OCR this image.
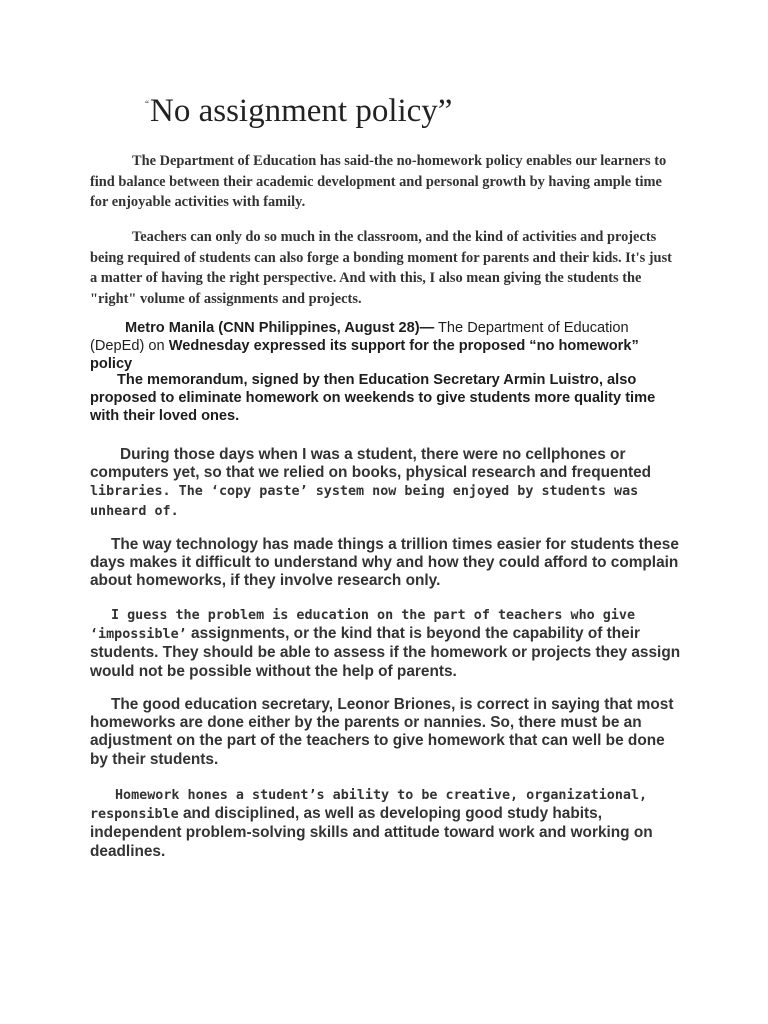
“No assignment policy”

The Department of Education has said-the no-homework policy enables our learners to find balance between their academic development and personal growth by having ample time for enjoyable activities with family.

Teachers can only do so much in the classroom, and the kind of activities and projects being required of students can also forge a bonding moment for parents and their kids. It's just a matter of having the right perspective. And with this, I also mean giving the students the "right" volume of assignments and projects.

Metro Manila (CNN Philippines, August 28)— The Department of Education (DepEd) on Wednesday expressed its support for the proposed “no homework” policy

The memorandum, signed by then Education Secretary Armin Luistro, also proposed to eliminate homework on weekends to give students more quality time with their loved ones.

During those days when I was a student, there were no cellphones or computers yet, so that we relied on books, physical research and frequented libraries. The ‘copy paste’ system now being enjoyed by students was unheard of.

The way technology has made things a trillion times easier for students these days makes it difficult to understand why and how they could afford to complain about homeworks, if they involve research only.

I guess the problem is education on the part of teachers who give ‘impossible’ assignments, or the kind that is beyond the capability of their students. They should be able to assess if the homework or projects they assign would not be possible without the help of parents.

The good education secretary, Leonor Briones, is correct in saying that most homeworks are done either by the parents or nannies. So, there must be an adjustment on the part of the teachers to give homework that can well be done by their students.

Homework hones a student’s ability to be creative, organizational, responsible and disciplined, as well as developing good study habits, independent problem-solving skills and attitude toward work and working on deadlines.
